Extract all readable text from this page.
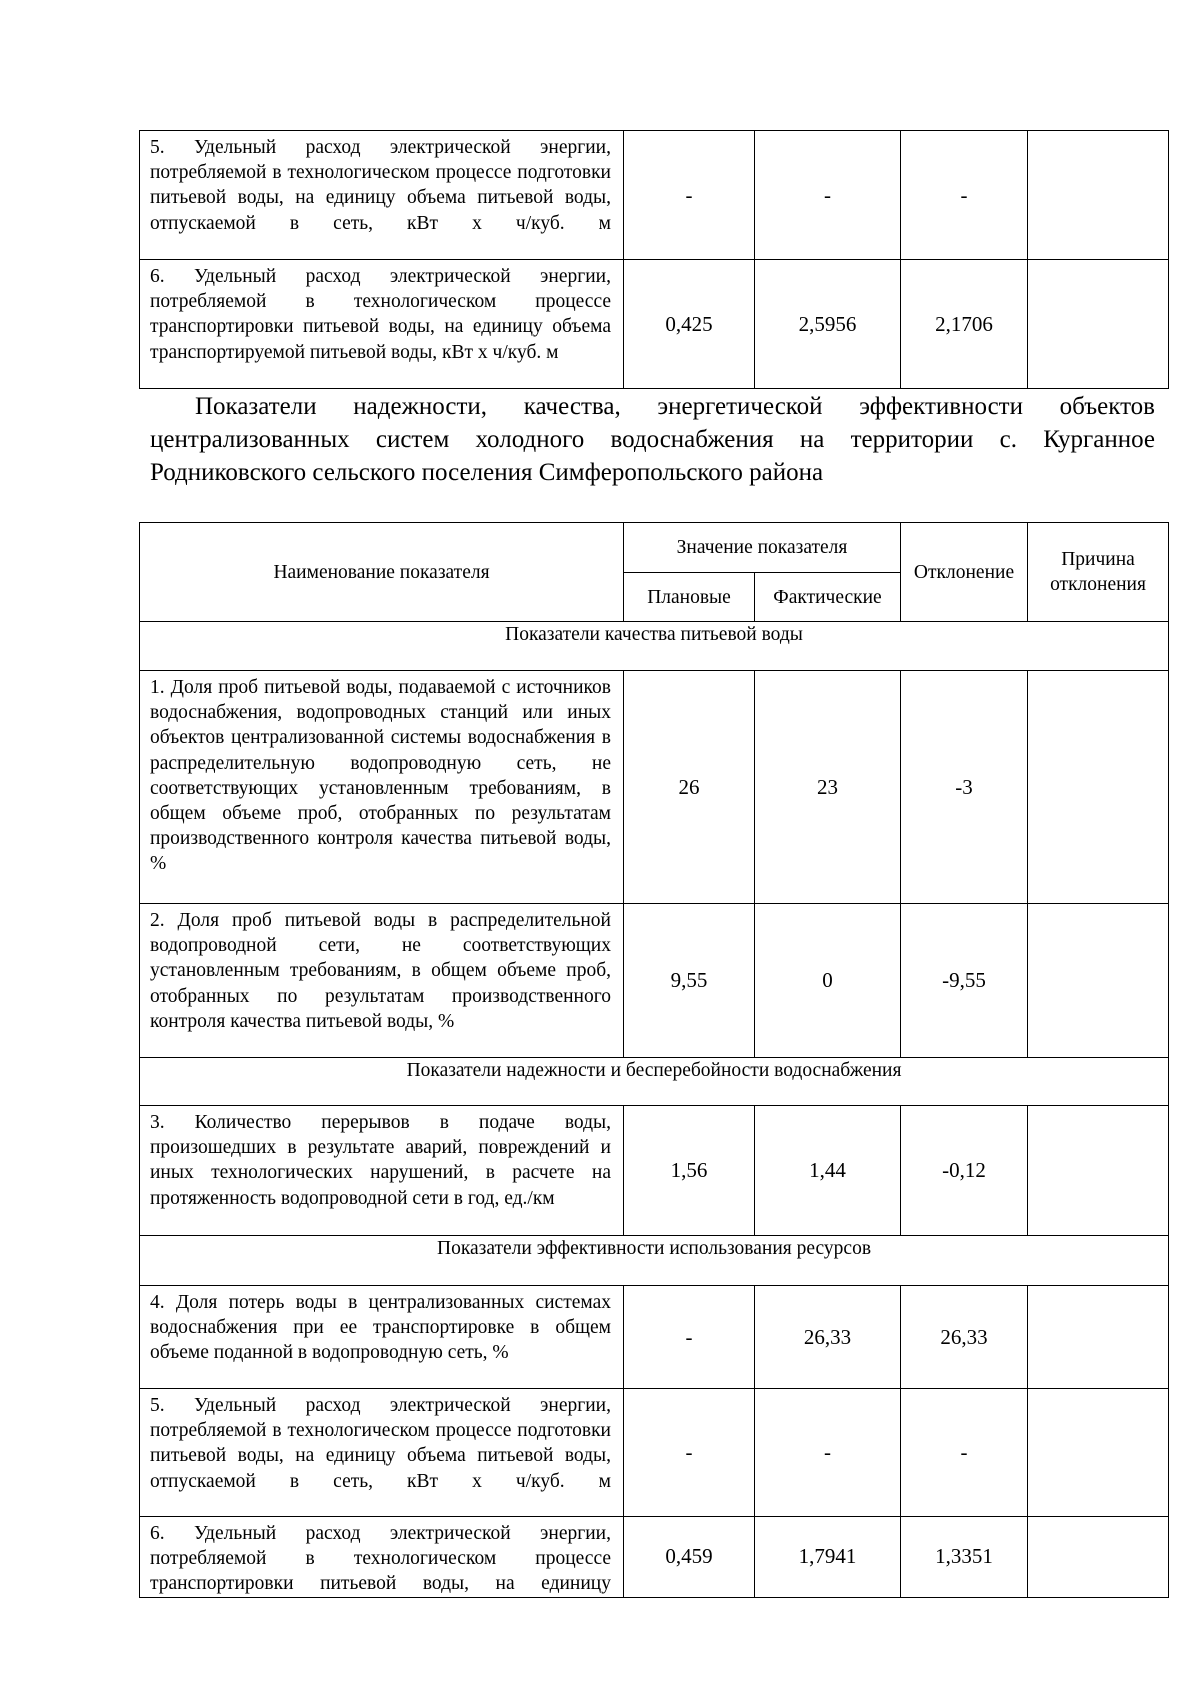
5. Удельный расход электрической энергии, потребляемой в технологическом процессе подготовки питьевой воды, на единицу объема питьевой воды, отпускаемой в сеть, кВт х ч/куб. м	-	-	-	
6. Удельный расход электрической энергии, потребляемой в технологическом процессе транспортировки питьевой воды, на единицу объема транспортируемой питьевой воды, кВт х ч/куб. м	0,425	2,5956	2,1706	

Показатели надежности, качества, энергетической эффективности объектов централизованных систем холодного водоснабжения на территории с. Курганное Родниковского сельского поселения Симферопольского района

Наименование показателя	Значение показателя		Отклонение	Причина отклонения
	Плановые	Фактические		
Показатели качества питьевой воды				
1. Доля проб питьевой воды, подаваемой с источников водоснабжения, водопроводных станций или иных объектов централизованной системы водоснабжения в распределительную водопроводную сеть, не соответствующих установленным требованиям, в общем объеме проб, отобранных по результатам производственного контроля качества питьевой воды, %	26	23	-3	
2. Доля проб питьевой воды в распределительной водопроводной сети, не соответствующих установленным требованиям, в общем объеме проб, отобранных по результатам производственного контроля качества питьевой воды, %	9,55	0	-9,55	
Показатели надежности и бесперебойности водоснабжения				
3. Количество перерывов в подаче воды, произошедших в результате аварий, повреждений и иных технологических нарушений, в расчете на протяженность водопроводной сети в год, ед./км	1,56	1,44	-0,12	
Показатели эффективности использования ресурсов				
4. Доля потерь воды в централизованных системах водоснабжения при ее транспортировке в общем объеме поданной в водопроводную сеть, %	-	26,33	26,33	
5. Удельный расход электрической энергии, потребляемой в технологическом процессе подготовки питьевой воды, на единицу объема питьевой воды, отпускаемой в сеть, кВт х ч/куб. м	-	-	-	
6. Удельный расход электрической энергии, потребляемой в технологическом процессе транспортировки питьевой воды, на единицу	0,459	1,7941	1,3351	
